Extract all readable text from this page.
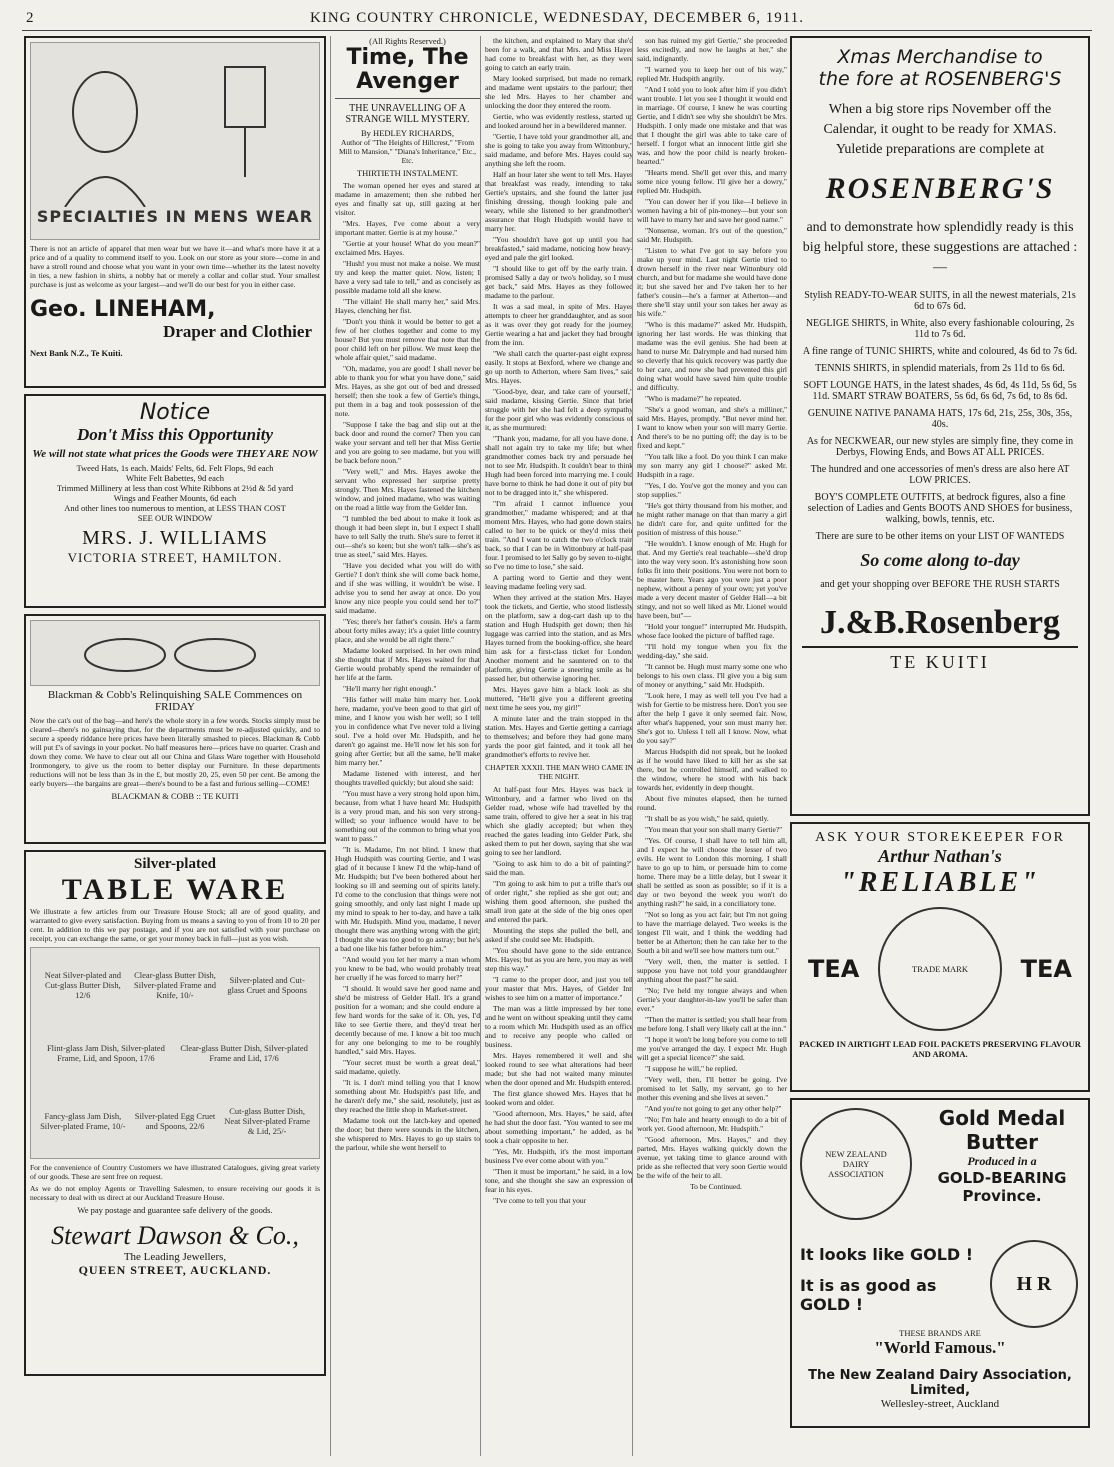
2	KING COUNTRY CHRONICLE, WEDNESDAY, DECEMBER 6, 1911.
SPECIALTIES IN MENS WEAR
There is not an article of apparel that men wear but we have it—and what's more have it at a price and of a quality to commend itself to you. Look on our store as your store—come in and have a stroll round and choose what you want in your own time—whether its the latest novelty in ties, a new fashion in shirts, a nobby hat or merely a collar and collar stud. Your smallest purchase is just as welcome as your largest—and we'll do our best for you in either case.
Geo. LINEHAM,
Draper and Clothier
Next Bank N.Z., Te Kuiti.
Notice
Don't Miss this Opportunity
We will not state what prices the Goods were THEY ARE NOW
Tweed Hats, 1s each. Maids' Felts, 6d. Felt Flops, 9d each
White Felt Babettes, 9d each
Trimmed Millinery at less than cost White Ribbons at 2½d & 5d yard
Wings and Feather Mounts, 6d each
And other lines too numerous to mention, at LESS THAN COST
SEE OUR WINDOW
MRS. J. WILLIAMS
VICTORIA STREET, HAMILTON.
Blackman & Cobb's Relinquishing SALE Commences on FRIDAY
Now the cat's out of the bag—and here's the whole story in a few words. Stocks simply must be cleared—there's no gainsaying that, for the departments must be re-adjusted quickly, and to secure a speedy riddance here prices have been literally smashed to pieces. Blackman & Cobb will put £'s of savings in your pocket. No half measures here—prices have no quarter. Crash and down they come. We have to clear out all our China and Glass Ware together with Household Ironmongery, to give us the room to better display our Furniture. In these departments reductions will not be less than 3s in the £, but mostly 20, 25, even 50 per cent. Be among the early buyers—the bargains are great—there's bound to be a fast and furious selling—COME!
BLACKMAN & COBB :: TE KUITI
Silver-plated
TABLE WARE
We illustrate a few articles from our Treasure House Stock; all are of good quality, and warranted to give every satisfaction. Buying from us means a saving to you of from 10 to 20 per cent. In addition to this we pay postage, and if you are not satisfied with your purchase on receipt, you can exchange the same, or get your money back in full—just as you wish.
Neat Silver-plated and Cut-glass Butter Dish, 12/6
Clear-glass Butter Dish, Silver-plated Frame and Knife, 10/-
Silver-plated and Cut-glass Cruet and Spoons
Flint-glass Jam Dish, Silver-plated Frame, Lid, and Spoon, 17/6
Clear-glass Butter Dish, Silver-plated Frame and Lid, 17/6
Fancy-glass Jam Dish, Silver-plated Frame, 10/-
Silver-plated Egg Cruet and Spoons, 22/6
Cut-glass Butter Dish, Neat Silver-plated Frame & Lid, 25/-
For the convenience of Country Customers we have illustrated Catalogues, giving great variety of our goods. These are sent free on request.
As we do not employ Agents or Travelling Salesmen, to ensure receiving our goods it is necessary to deal with us direct at our Auckland Treasure House.
We pay postage and guarantee safe delivery of the goods.
Stewart Dawson & Co.,
The Leading Jewellers,
QUEEN STREET, AUCKLAND.
(All Rights Reserved.)
Time, The Avenger
THE UNRAVELLING OF A STRANGE WILL MYSTERY.
By HEDLEY RICHARDS,
Author of "The Heights of Hillcrest," "From Mill to Mansion," "Diana's Inheritance," Etc., Etc.
THIRTIETH INSTALMENT.

The woman opened her eyes and stared at madame in amazement; then she rubbed her eyes and finally sat up, still gazing at her visitor.

"Mrs. Hayes, I've come about a very important matter. Gertie is at my house."

"Gertie at your house! What do you mean?" exclaimed Mrs. Hayes.

"Hush! you must not make a noise. We must try and keep the matter quiet. Now, listen; I have a very sad tale to tell," and as concisely as possible madame told all she knew.

"The villain! He shall marry her," said Mrs. Hayes, clenching her fist.

"Don't you think it would be better to get a few of her clothes together and come to my house? But you must remove that note that the poor child left on her pillow. We must keep the whole affair quiet," said madame.

"Oh, madame, you are good! I shall never be able to thank you for what you have done," said Mrs. Hayes, as she got out of bed and dressed herself; then she took a few of Gertie's things, put them in a bag and took possession of the note.

"Suppose I take the bag and slip out at the back door and round the corner? Then you can wake your servant and tell her that Miss Gertie and you are going to see madame, but you will be back before noon."

"Very well," and Mrs. Hayes awoke the servant who expressed her surprise pretty strongly. Then Mrs. Hayes fastened the kitchen window, and joined madame, who was waiting on the road a little way from the Gelder Inn.

"I tumbled the bed about to make it look as though it had been slept in, but I expect I shall have to tell Sally the truth. She's sure to ferret it out—she's so keen; but she won't talk—she's as true as steel," said Mrs. Hayes.

"Have you decided what you will do with Gertie? I don't think she will come back home, and if she was willing, it wouldn't be wise. I advise you to send her away at once. Do you know any nice people you could send her to?" said madame.

"Yes; there's her father's cousin. He's a farm about forty miles away; it's a quiet little country place, and she would be all right there."

Madame looked surprised. In her own mind she thought that if Mrs. Hayes waited for that Gertie would probably spend the remainder of her life at the farm.

"He'll marry her right enough."

"His father will make him marry her. Look here, madame, you've been good to that girl of mine, and I know you wish her well; so I tell you in confidence what I've never told a living soul. I've a hold over Mr. Hudspith, and he daren't go against me. He'll now let his son for going after Gertie; but all the same, he'll make him marry her."

Madame listened with interest, and her thoughts travelled quickly; but aloud she said:

"You must have a very strong hold upon him, because, from what I have heard Mr. Hudspith is a very proud man, and his son very strong-willed; so your influence would have to be something out of the common to bring what you want to pass."

"It is. Madame, I'm not blind. I knew that Hugh Hudspith was courting Gertie, and I was glad of it because I knew I'd the whip-hand of Mr. Hudspith; but I've been bothered about her looking so ill and seeming out of spirits lately. I'd come to the conclusion that things were not going smoothly, and only last night I made up my mind to speak to her to-day, and have a talk with Mr. Hudspith. Mind you, madame, I never thought there was anything wrong with the girl; I thought she was too good to go astray; but he's a bad one like his father before him."

"And would you let her marry a man whom you knew to be bad, who would probably treat her cruelly if he was forced to marry her?"

"I should. It would save her good name and she'd be mistress of Gelder Hall. It's a grand position for a woman; and she could endure a few hard words for the sake of it. Oh, yes, I'd like to see Gertie there, and they'd treat her decently because of me. I know a bit too much for any one belonging to me to be roughly handled," said Mrs. Hayes.

"Your secret must be worth a great deal," said madame, quietly.

"It is. I don't mind telling you that I know something about Mr. Hudspith's past life, and he daren't defy me," she said, resolutely, just as they reached the little shop in Market-street.

Madame took out the latch-key and opened the door; but there were sounds in the kitchen, she whispered to Mrs. Hayes to go up stairs to the parlour, while she went herself to

the kitchen, and explained to Mary that she'd been for a walk, and that Mrs. and Miss Hayes had come to breakfast with her, as they were going to catch an early train.

Mary looked surprised, but made no remark, and madame went upstairs to the parlour; then she led Mrs. Hayes to her chamber and unlocking the door they entered the room.

Gertie, who was evidently restless, started up and looked around her in a bewildered manner.

"Gertie, I have told your grandmother all, and she is going to take you away from Wittonbury," said madame, and before Mrs. Hayes could say anything she left the room.

Half an hour later she went to tell Mrs. Hayes that breakfast was ready, intending to take Gertie's upstairs, and she found the latter just finishing dressing, though looking pale and weary, while she listened to her grandmother's assurance that Hugh Hudspith would have to marry her.

"You shouldn't have got up until you had breakfasted," said madame, noticing how heavy-eyed and pale the girl looked.

"I should like to get off by the early train. I promised Sally a day or two's holiday, so I must get back," said Mrs. Hayes as they followed madame to the parlour.

It was a sad meal, in spite of Mrs. Hayes attempts to cheer her granddaughter, and as soon as it was over they got ready for the journey, Gertie wearing a hat and jacket they had brought from the inn.

"We shall catch the quarter-past eight express easily. It stops at Bexford, where we change and go up north to Atherton, where Sam lives," said Mrs. Hayes.

"Good-bye, dear, and take care of yourself," said madame, kissing Gertie. Since that brief struggle with her she had felt a deep sympathy for the poor girl who was evidently conscious of it, as she murmured:

"Thank you, madame, for all you have done. I shall not again try to take my life; but when grandmother comes back try and persuade her not to see Mr. Hudspith. It couldn't bear to think Hugh had been forced into marrying me. I could have borne to think he had done it out of pity but not to be dragged into it," she whispered.

"I'm afraid I cannot influence your grandmother," madame whispered; and at that moment Mrs. Hayes, who had gone down stairs, called to her to be quick or they'd miss their train. "And I want to catch the two o'clock train back, so that I can be in Wittonbury at half-past four. I promised to let Sally go by seven to-night, so I've no time to lose," she said.

A parting word to Gertie and they went, leaving madame feeling very sad.

When they arrived at the station Mrs. Hayes took the tickets, and Gertie, who stood listlessly on the platform, saw a dog-cart dash up to the station and Hugh Hudspith get down; then his luggage was carried into the station, and as Mrs. Hayes turned from the booking-office, she heard him ask for a first-class ticket for London. Another moment and he sauntered on to the platform, giving Gertie a sneering smile as he passed her, but otherwise ignoring her.

Mrs. Hayes gave him a black look as she muttered, "He'll give you a different greeting next time he sees you, my girl!"

A minute later and the train stopped in the station. Mrs. Hayes and Gertie getting a carriage to themselves; and before they had gone many yards the poor girl fainted, and it took all her grandmother's efforts to revive her.

CHAPTER XXXII. THE MAN WHO CAME IN THE NIGHT.

At half-past four Mrs. Hayes was back in Wittonbury, and a farmer who lived on the Gelder road, whose wife had travelled by the same train, offered to give her a seat in his trap which she gladly accepted; but when they reached the gates leading into Gelder Park, she asked them to put her down, saying that she was going to see her landlord.

"Going to ask him to do a bit of painting?" said the man.

"I'm going to ask him to put a trifle that's out of order right," she replied as she got out; and wishing them good afternoon, she pushed the small iron gate at the side of the big ones open and entered the park.

Mounting the steps she pulled the bell, and asked if she could see Mr. Hudspith.

"You should have gone to the side entrance, Mrs. Hayes; but as you are here, you may as well step this way."

"I came to the proper door, and just you tell your master that Mrs. Hayes, of Gelder Inn wishes to see him on a matter of importance."

The man was a little impressed by her tone, and he went on without speaking until they came to a room which Mr. Hudspith used as an office and to receive any people who called on business.

Mrs. Hayes remembered it well and she looked round to see what alterations had been made; but she had not waited many minutes when the door opened and Mr. Hudspith entered.

The first glance showed Mrs. Hayes that he looked worn and older.

"Good afternoon, Mrs. Hayes," he said, after he had shut the door fast. "You wanted to see me about something important," he added, as he took a chair opposite to her.

"Yes, Mr. Hudspith, it's the most important business I've ever come about with you."

"Then it must be important," he said, in a low tone, and she thought she saw an expression of fear in his eyes.

"I've come to tell you that your

son has ruined my girl Gertie," she proceeded less excitedly, and now he laughs at her," she said, indignantly.

"I warned you to keep her out of his way," replied Mr. Hudspith angrily.

"And I told you to look after him if you didn't want trouble. I let you see I thought it would end in marriage. Of course, I knew he was courting Gertie, and I didn't see why she shouldn't be Mrs. Hudspith. I only made one mistake and that was that I thought the girl was able to take care of herself. I forgot what an innocent little girl she was, and how the poor child is nearly broken-hearted."

"Hearts mend. She'll get over this, and marry some nice young fellow. I'll give her a dowry," replied Mr. Hudspith.

"You can dower her if you like—I believe in women having a bit of pin-money—but your son will have to marry her and save her good name."

"Nonsense, woman. It's out of the question," said Mr. Hudspith.

"Listen to what I've got to say before you make up your mind. Last night Gertie tried to drown herself in the river near Wittonbury old church, and but for madame she would have done it; but she saved her and I've taken her to her father's cousin—he's a farmer at Atherton—and there she'll stay until your son takes her away as his wife."

"Who is this madame?" asked Mr. Hudspith, ignoring her last words. He was thinking that madame was the evil genius. She had been at hand to nurse Mr. Dalrymple and had nursed him so cleverly that his quick recovery was partly due to her care, and now she had prevented this girl doing what would have saved him quite trouble and difficulty.

"Who is madame?" he repeated.

"She's a good woman, and she's a milliner," said Mrs. Hayes, promptly. "But never mind her. I want to know when your son will marry Gertie. And there's to be no putting off; the day is to be fixed and kept."

"You talk like a fool. Do you think I can make my son marry any girl I choose?" asked Mr. Hudspith in a rage.

"Yes, I do. You've got the money and you can stop supplies."

"He's got thirty thousand from his mother, and he might rather manage on that than marry a girl he didn't care for, and quite unfitted for the position of mistress of this house."

"He wouldn't. I know enough of Mr. Hugh for that. And my Gertie's real teachable—she'd drop into the way very soon. It's astonishing how soon folks fit into their positions. You were not born to be master here. Years ago you were just a poor nephew, without a penny of your own; yet you've made a very decent master of Gelder Hall—a bit stingy, and not so well liked as Mr. Lionel would have been, but"—

"Hold your tongue!" interrupted Mr. Hudspith, whose face looked the picture of baffled rage.

"I'll hold my tongue when you fix the wedding-day," she said.

"It cannot be. Hugh must marry some one who belongs to his own class. I'll give you a big sum of money or anything," said Mr. Hudspith.

"Look here, I may as well tell you I've had a wish for Gertie to be mistress here. Don't you see after the help I gave it only seemed fair. Now, after what's happened, your son must marry her. She's got to. Unless I tell all I know. Now, what do you say?"

Marcus Hudspith did not speak, but he looked as if he would have liked to kill her as she sat there, but he controlled himself, and walked to the window, where he stood with his back towards her, evidently in deep thought.

About five minutes elapsed, then he turned round.

"It shall be as you wish," he said, quietly.

"You mean that your son shall marry Gertie?"

"Yes. Of course, I shall have to tell him all, and I expect he will choose the lesser of two evils. He went to London this morning. I shall have to go up to him, or persuade him to come home. There may be a little delay, but I swear it shall be settled as soon as possible; so if it is a day or two beyond the week you won't do anything rash?" he said, in a conciliatory tone.

"Not so long as you act fair; but I'm not going to have the marriage delayed. Two weeks is the longest I'll wait, and I think the wedding had better be at Atherton; then he can take her to the South a bit and we'll see how matters turn out."

"Very well, then, the matter is settled. I suppose you have not told your granddaughter anything about the past?" he said.

"No; I've held my tongue always and when Gertie's your daughter-in-law you'll be safer than ever."

"Then the matter is settled; you shall hear from me before long. I shall very likely call at the inn."

"I hope it won't be long before you come to tell me you've arranged the day. I expect Mr. Hugh will get a special licence?" she said.

"I suppose he will," he replied.

"Very well, then, I'll better be going. I've promised to let Sally, my servant, go to her mother this evening and she lives at seven."

"And you're not going to get any other help?"

"No; I'm hale and hearty enough to do a bit of work yet. Good afternoon, Mr. Hudspith."

"Good afternoon, Mrs. Hayes," and they parted, Mrs. Hayes walking quickly down the avenue, yet taking time to glance around with pride as she reflected that very soon Gertie would be the wife of the heir to all.

To be Continued.

Xmas Merchandise to
the fore at ROSENBERG'S
When a big store rips November off the Calendar, it ought to be ready for XMAS. Yuletide preparations are complete at
ROSENBERG'S
and to demonstrate how splendidly ready is this big helpful store, these suggestions are attached :—

Stylish READY-TO-WEAR SUITS, in all the newest materials, 21s 6d to 67s 6d.

NEGLIGE SHIRTS, in White, also every fashionable colouring, 2s 11d to 7s 6d.

A fine range of TUNIC SHIRTS, white and coloured, 4s 6d to 7s 6d.

TENNIS SHIRTS, in splendid materials, from 2s 11d to 6s 6d.

SOFT LOUNGE HATS, in the latest shades, 4s 6d, 4s 11d, 5s 6d, 5s 11d. SMART STRAW BOATERS, 5s 6d, 6s 6d, 7s 6d, to 8s 6d.

GENUINE NATIVE PANAMA HATS, 17s 6d, 21s, 25s, 30s, 35s, 40s.

As for NECKWEAR, our new styles are simply fine, they come in Derbys, Flowing Ends, and Bows AT ALL PRICES.

The hundred and one accessories of men's dress are also here AT LOW PRICES.

BOY'S COMPLETE OUTFITS, at bedrock figures, also a fine selection of Ladies and Gents BOOTS AND SHOES for business, walking, bowls, tennis, etc.

There are sure to be other items on your LIST OF WANTEDS

So come along to-day

and get your shopping over BEFORE THE RUSH STARTS

J.&B.Rosenberg
TE KUITI
ASK YOUR STOREKEEPER FOR
Arthur Nathan's
"RELIABLE"
TEA	TRADE MARK TEA
PACKED IN AIRTIGHT LEAD FOIL PACKETS PRESERVING FLAVOUR AND AROMA.
NEW ZEALAND DAIRY ASSOCIATION
Gold Medal
Butter
Produced in a
GOLD-BEARING Province.
It looks like GOLD !
It is as good as GOLD !
H R
THESE BRANDS ARE
"World Famous."
The New Zealand Dairy Association, Limited,
Wellesley-street, Auckland
